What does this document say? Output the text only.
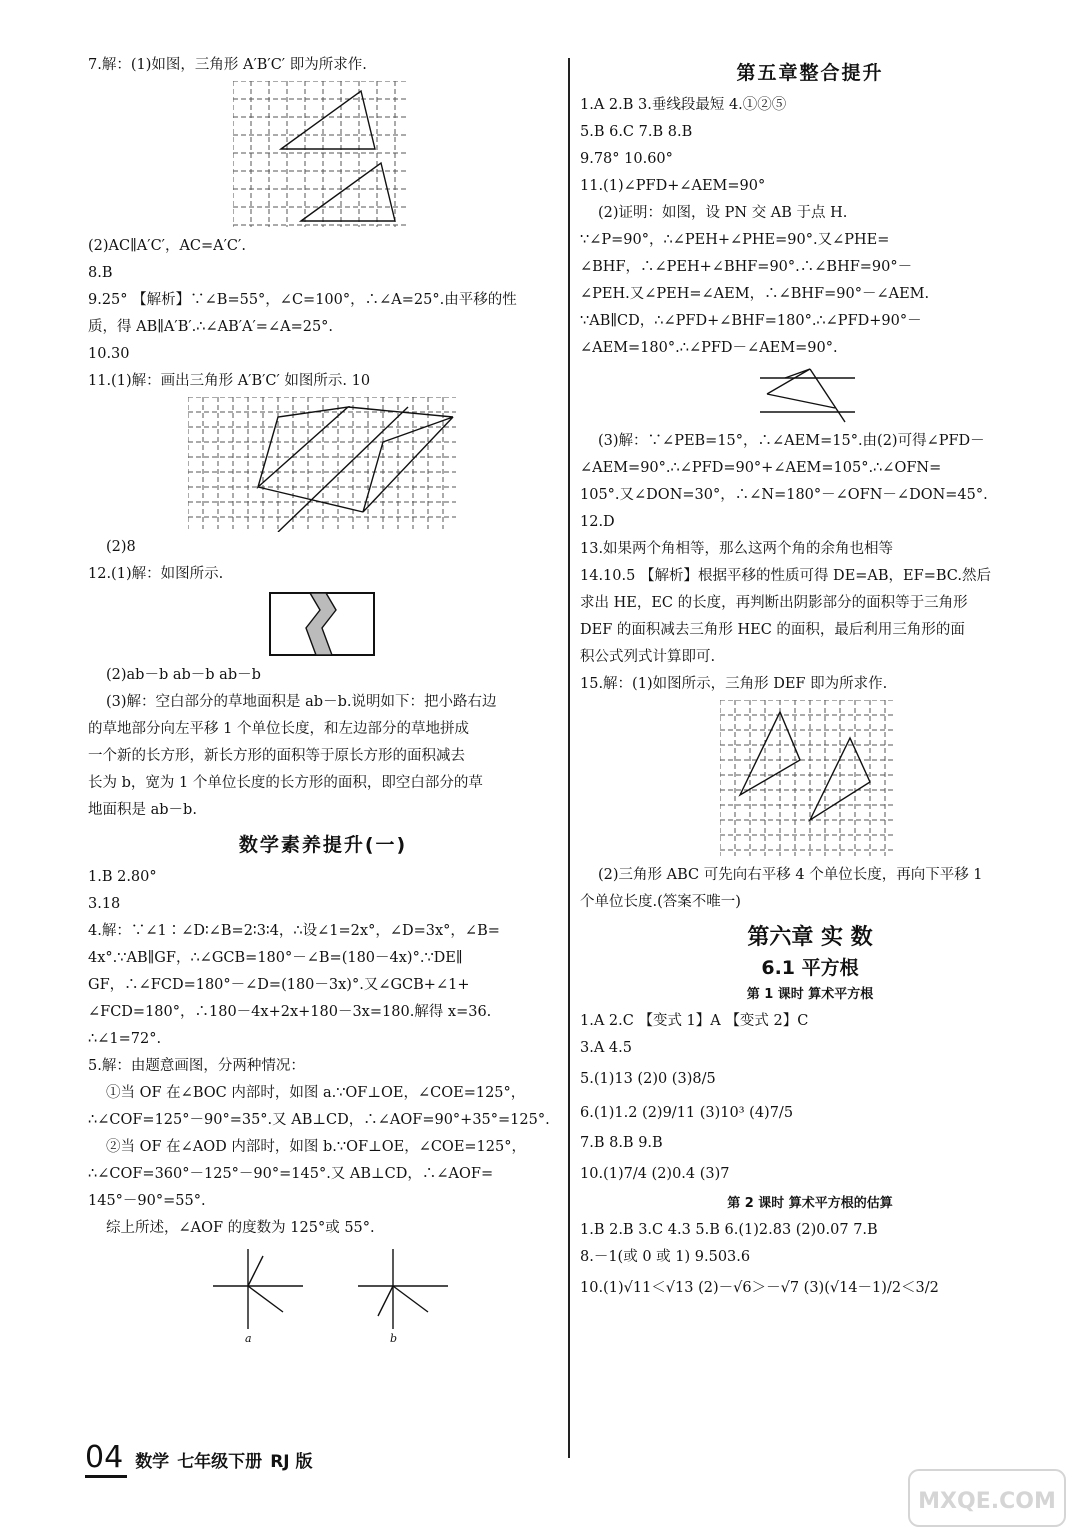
7.解：(1)如图，三角形 A′B′C′ 即为所求作.
(2)AC∥A′C′，AC=A′C′.
8.B
9.25° 【解析】∵∠B=55°，∠C=100°，∴∠A=25°.由平移的性
质，得 AB∥A′B′.∴∠AB′A′=∠A=25°.
10.30
11.(1)解：画出三角形 A′B′C′ 如图所示. 10
(2)8
12.(1)解：如图所示.
(2)ab－b ab－b ab－b
(3)解：空白部分的草地面积是 ab－b.说明如下：把小路右边
的草地部分向左平移 1 个单位长度，和左边部分的草地拼成
一个新的长方形，新长方形的面积等于原长方形的面积减去
长为 b，宽为 1 个单位长度的长方形的面积，即空白部分的草
地面积是 ab－b.
数学素养提升(一)
1.B 2.80°
3.18
4.解：∵∠1∶∠D∶∠B=2∶3∶4，∴设∠1=2x°，∠D=3x°，∠B=
4x°.∵AB∥GF，∴∠GCB=180°－∠B=(180－4x)°.∵DE∥
GF，∴∠FCD=180°－∠D=(180－3x)°.又∠GCB+∠1+
∠FCD=180°，∴180－4x+2x+180－3x=180.解得 x=36.
∴∠1=72°.
5.解：由题意画图，分两种情况：
①当 OF 在∠BOC 内部时，如图 a.∵OF⊥OE，∠COE=125°，
∴∠COF=125°－90°=35°.又 AB⊥CD，∴∠AOF=90°+35°=125°.
②当 OF 在∠AOD 内部时，如图 b.∵OF⊥OE，∠COE=125°，
∴∠COF=360°－125°－90°=145°.又 AB⊥CD，∴∠AOF=
145°－90°=55°.
综上所述，∠AOF 的度数为 125°或 55°.
a	b
第五章整合提升
1.A 2.B 3.垂线段最短 4.①②⑤
5.B 6.C 7.B 8.B
9.78° 10.60°
11.(1)∠PFD+∠AEM=90°
(2)证明：如图，设 PN 交 AB 于点 H.
∵∠P=90°，∴∠PEH+∠PHE=90°.又∠PHE=
∠BHF，∴∠PEH+∠BHF=90°.∴∠BHF=90°－
∠PEH.又∠PEH=∠AEM，∴∠BHF=90°－∠AEM.
∵AB∥CD，∴∠PFD+∠BHF=180°.∴∠PFD+90°－
∠AEM=180°.∴∠PFD－∠AEM=90°.
(3)解：∵∠PEB=15°，∴∠AEM=15°.由(2)可得∠PFD－
∠AEM=90°.∴∠PFD=90°+∠AEM=105°.∴∠OFN=
105°.又∠DON=30°，∴∠N=180°－∠OFN－∠DON=45°.
12.D
13.如果两个角相等，那么这两个角的余角也相等
14.10.5 【解析】根据平移的性质可得 DE=AB，EF=BC.然后
求出 HE，EC 的长度，再判断出阴影部分的面积等于三角形
DEF 的面积减去三角形 HEC 的面积，最后利用三角形的面
积公式列式计算即可.
15.解：(1)如图所示，三角形 DEF 即为所求作.
(2)三角形 ABC 可先向右平移 4 个单位长度，再向下平移 1
个单位长度.(答案不唯一)
第六章 实 数
6.1 平方根
第 1 课时 算术平方根
1.A 2.C 【变式 1】A 【变式 2】C
3.A 4.5
5.(1)13 (2)0 (3)8/5
6.(1)1.2 (2)9/11 (3)10³ (4)7/5
7.B 8.B 9.B
10.(1)7/4 (2)0.4 (3)7
第 2 课时 算术平方根的估算
1.B 2.B 3.C 4.3 5.B 6.(1)2.83 (2)0.07 7.B
8.－1(或 0 或 1) 9.503.6
10.(1)√11＜√13 (2)－√6＞－√7 (3)(√14－1)/2＜3/2
04 数学 七年级下册 RJ 版
MXQE.COM
